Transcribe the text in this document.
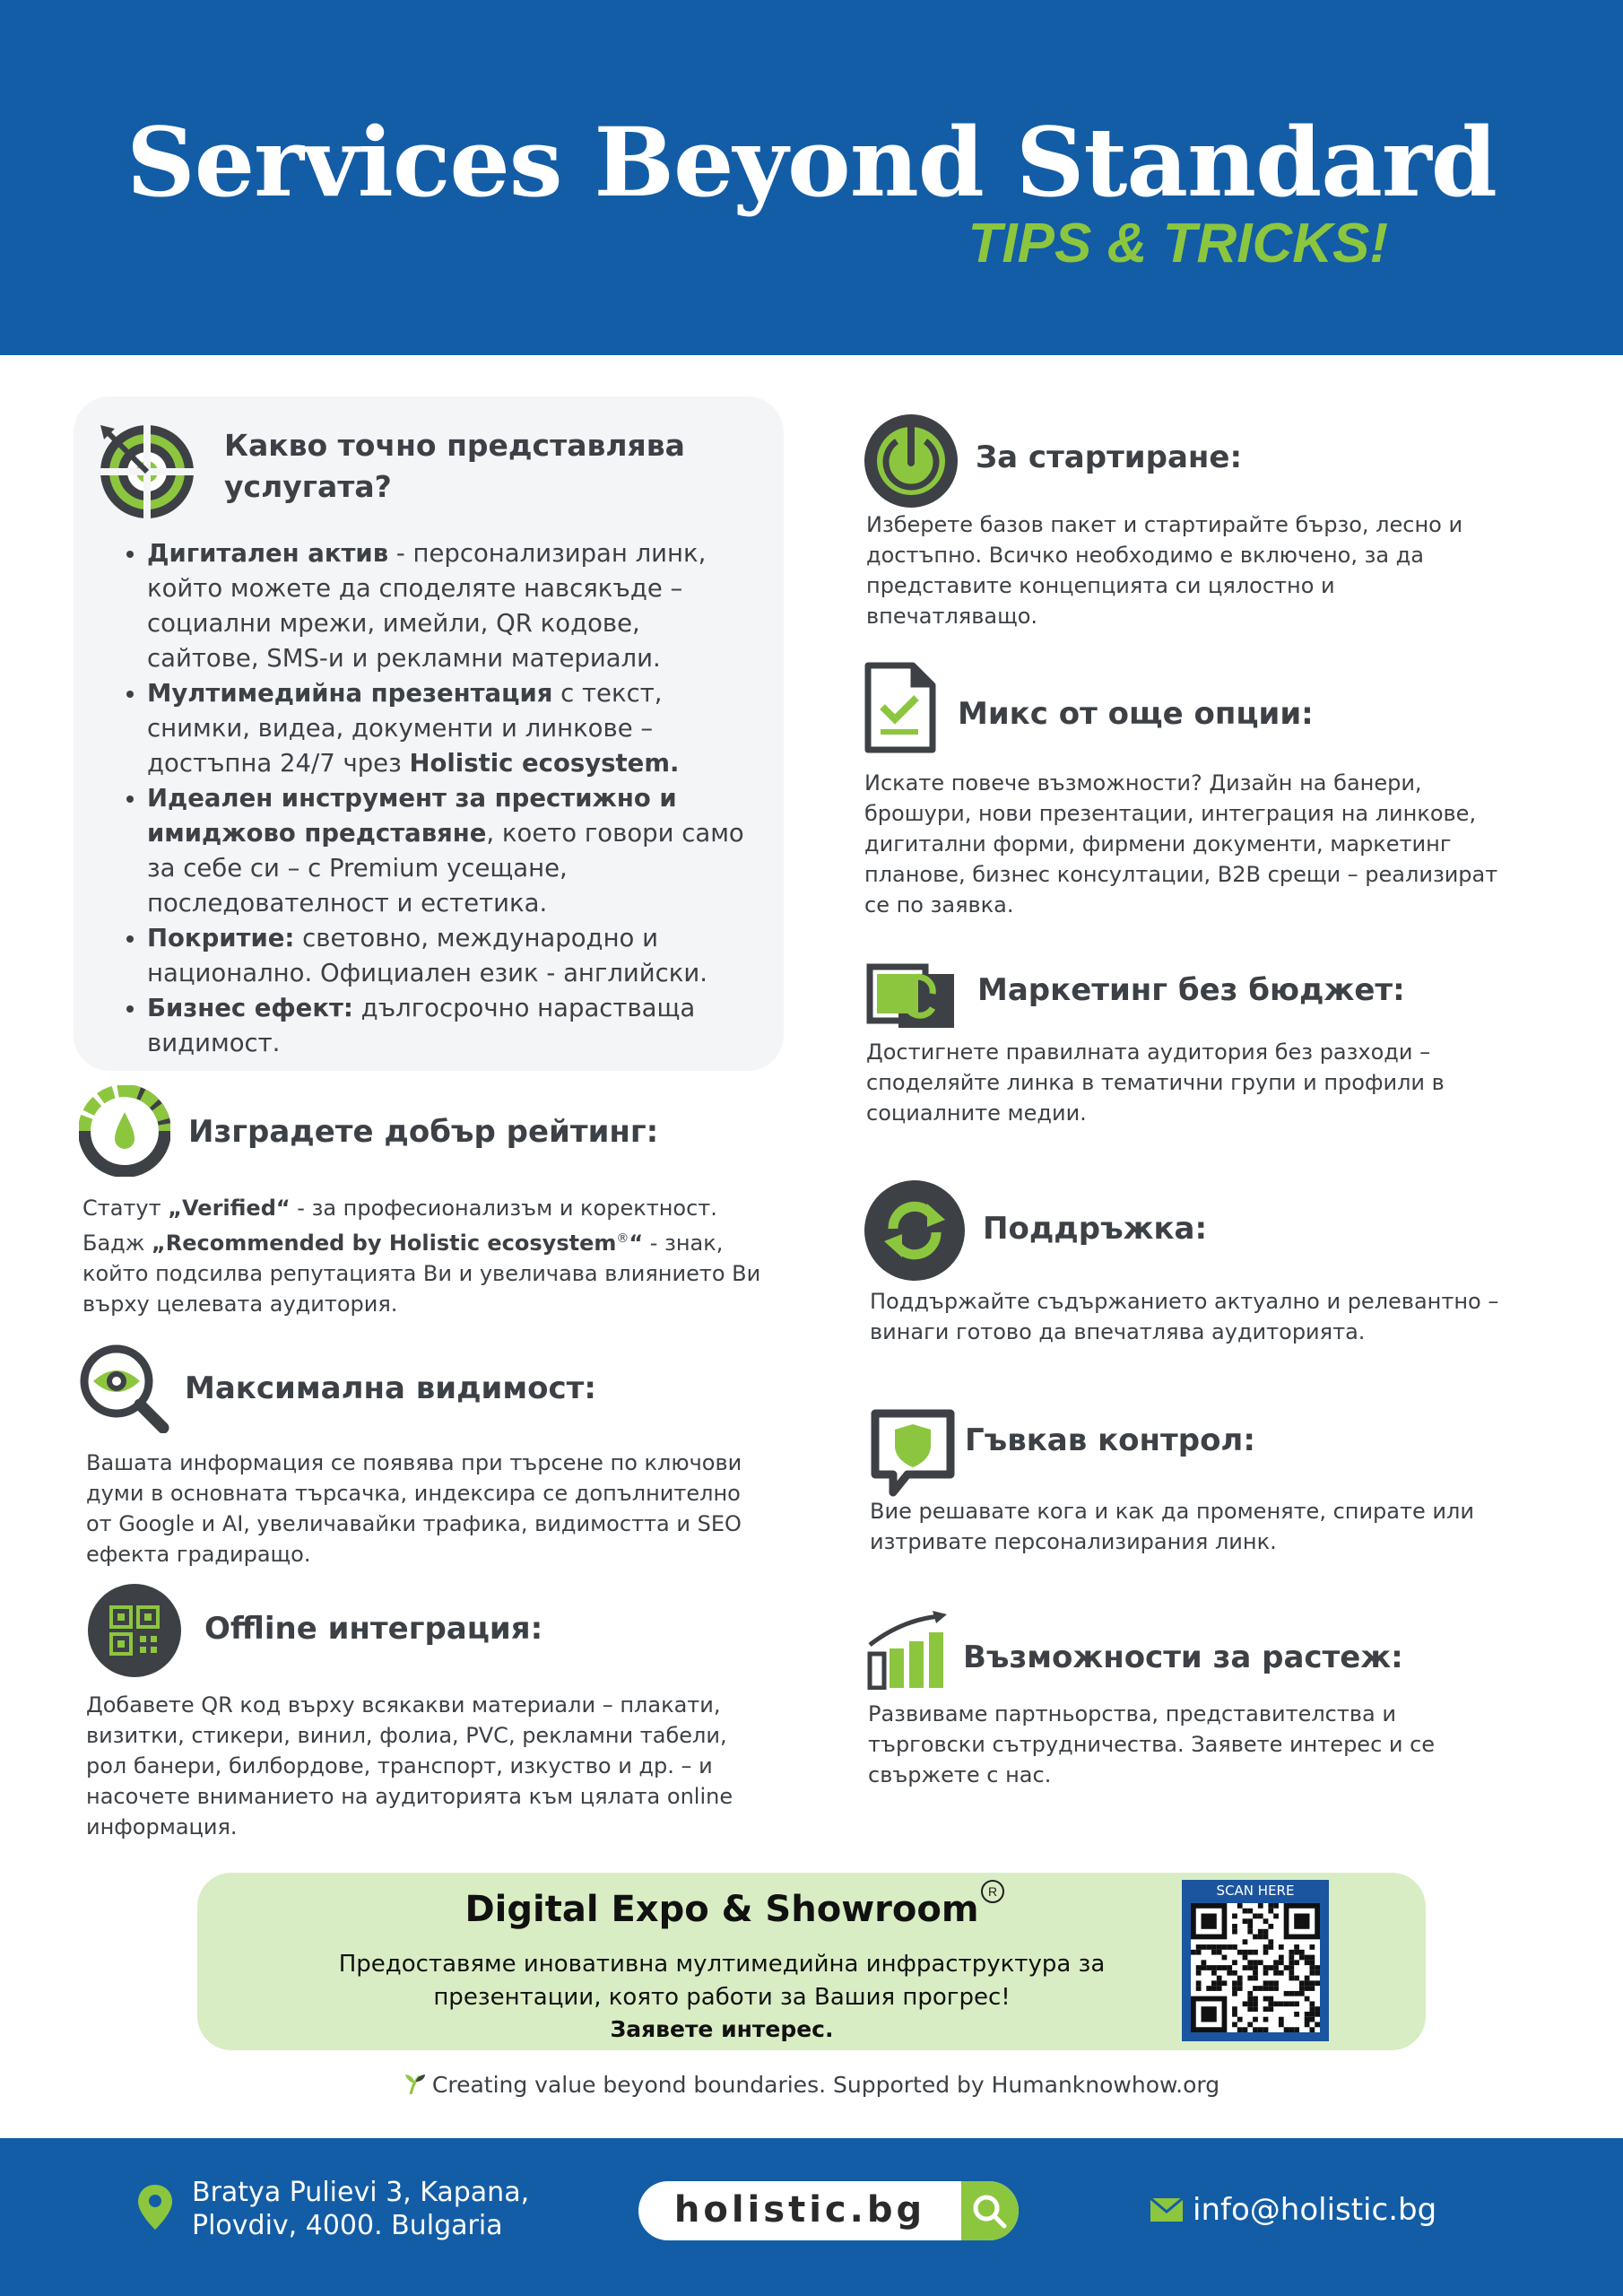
Services Beyond Standard
TIPS & TRICKS!
Какво точно представлява услугата?
• Дигитален актив - персонализиран линк, който можете да споделяте навсякъде – социални мрежи, имейли, QR кодове, сайтове, SMS-и и рекламни материали.
• Мултимедийна презентация с текст, снимки, видеа, документи и линкове – достъпна 24/7 чрез Holistic ecosystem.
• Идеален инструмент за престижно и имиджово представяне, което говори само за себе си – с Premium усещане, последователност и естетика.
• Покритие: световно, международно и национално. Официален език - английски.
• Бизнес ефект: дългосрочно нарастваща видимост.
Изградете добър рейтинг:
Статут „Verified“ - за професионализъм и коректност.
Бадж „Recommended by Holistic ecosystem®“ - знак, който подсилва репутацията Ви и увеличава влиянието Ви върху целевата аудитория.
Максимална видимост:
Вашата информация се появява при търсене по ключови думи в основната търсачка, индексира се допълнително от Google и AI, увеличавайки трафика, видимостта и SEO ефекта градиращо.
Offline интеграция:
Добавете QR код върху всякакви материали – плакати, визитки, стикери, винил, фолиа, PVC, рекламни табели, рол банери, билбордове, транспорт, изкуство и др. – и насочете вниманието на аудиторията към цялата online информация.
За стартиране:
Изберете базов пакет и стартирайте бързо, лесно и достъпно. Всичко необходимо е включено, за да представите концепцията си цялостно и впечатляващо.
Микс от още опции:
Искате повече възможности? Дизайн на банери, брошури, нови презентации, интеграция на линкове, дигитални форми, фирмени документи, маркетинг планове, бизнес консултации, B2B срещи – реализират се по заявка.
Маркетинг без бюджет:
Достигнете правилната аудитория без разходи – споделяйте линка в тематични групи и профили в социалните медии.
Поддръжка:
Поддържайте съдържанието актуално и релевантно – винаги готово да впечатлява аудиторията.
Гъвкав контрол:
Вие решавате кога и как да променяте, спирате или изтривате персонализирания линк.
Възможности за растеж:
Развиваме партньорства, представителства и търговски сътрудничества. Заявете интерес и се свържете с нас.
Digital Expo & Showroom R
Предоставяме иновативна мултимедийна инфраструктура за презентации, която работи за Вашия прогрес!
Заявете интерес.
SCAN HERE
Creating value beyond boundaries. Supported by Humanknowhow.org
Bratya Pulievi 3, Kapana,
Plovdiv, 4000. Bulgaria	holistic.bg	info@holistic.bg
